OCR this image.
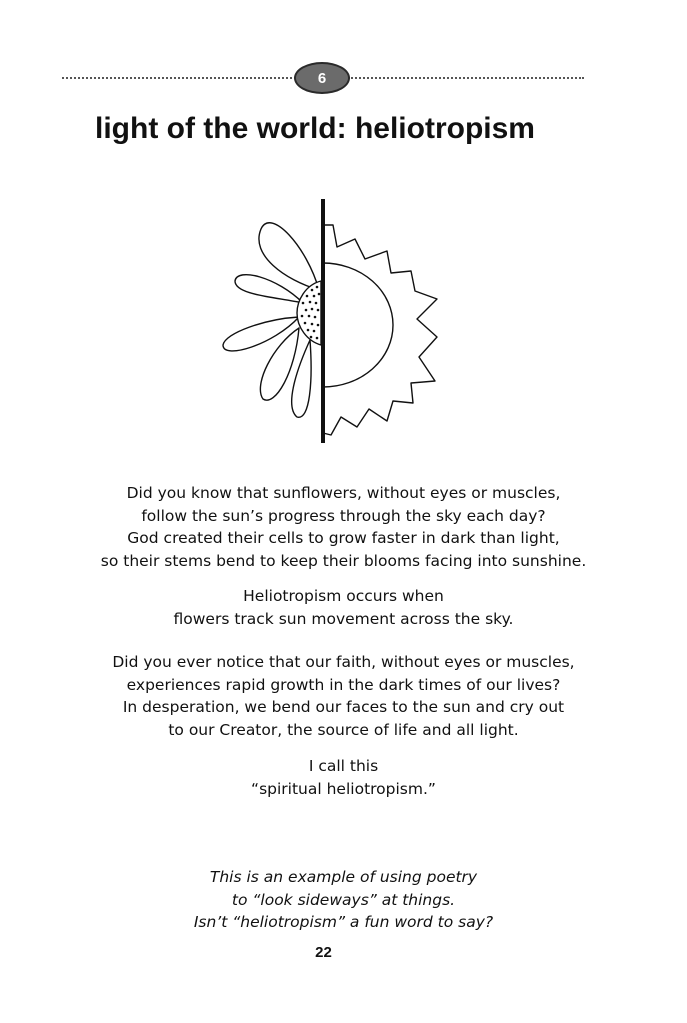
6
light of the world: heliotropism

Did you know that sunflowers, without eyes or muscles,

follow the sun’s progress through the sky each day?

God created their cells to grow faster in dark than light,

so their stems bend to keep their blooms facing into sunshine.

Heliotropism occurs when

flowers track sun movement across the sky.

Did you ever notice that our faith, without eyes or muscles,

experiences rapid growth in the dark times of our lives?

In desperation, we bend our faces to the sun and cry out

to our Creator, the source of life and all light.

I call this

“spiritual heliotropism.”

This is an example of using poetry

to “look sideways” at things.

Isn’t “heliotropism” a fun word to say?

22
